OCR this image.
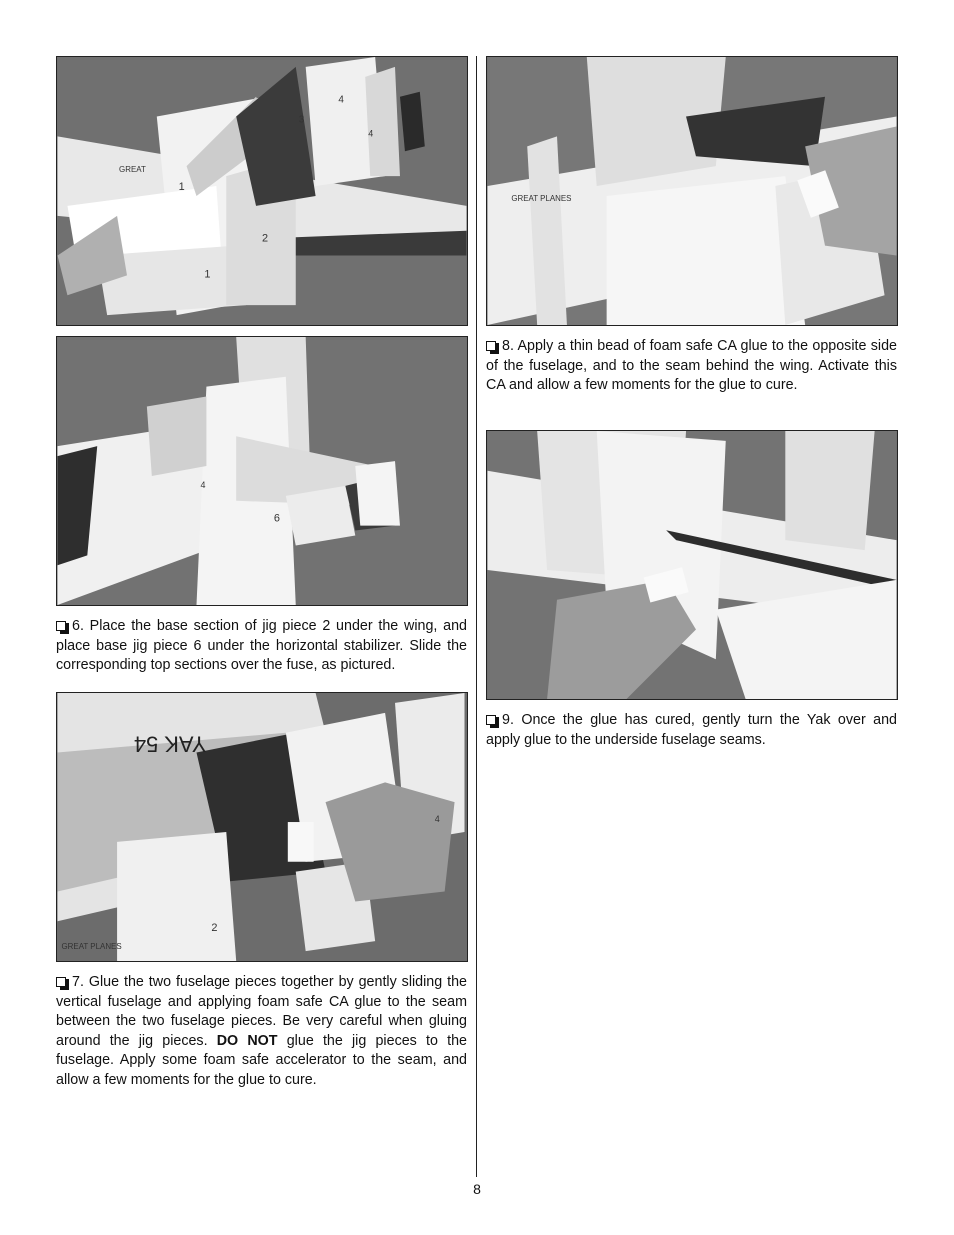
1
2
1
3
4
4
GREAT
4
6

6. Place the base section of jig piece 2 under the wing, and place base jig piece 6 under the horizontal stabilizer. Slide the corresponding top sections over the fuse, as pictured.

2
4
GREAT PLANES
YAK 54

7. Glue the two fuselage pieces together by gently sliding the vertical fuselage and applying foam safe CA glue to the seam between the two fuselage pieces. Be very careful when gluing around the jig pieces. DO NOT glue the jig pieces to the fuselage. Apply some foam safe accelerator to the seam, and allow a few moments for the glue to cure.

GREAT PLANES

8. Apply a thin bead of foam safe CA glue to the opposite side of the fuselage, and to the seam behind the wing. Activate this CA and allow a few moments for the glue to cure.

9. Once the glue has cured, gently turn the Yak over and apply glue to the underside fuselage seams.

8
